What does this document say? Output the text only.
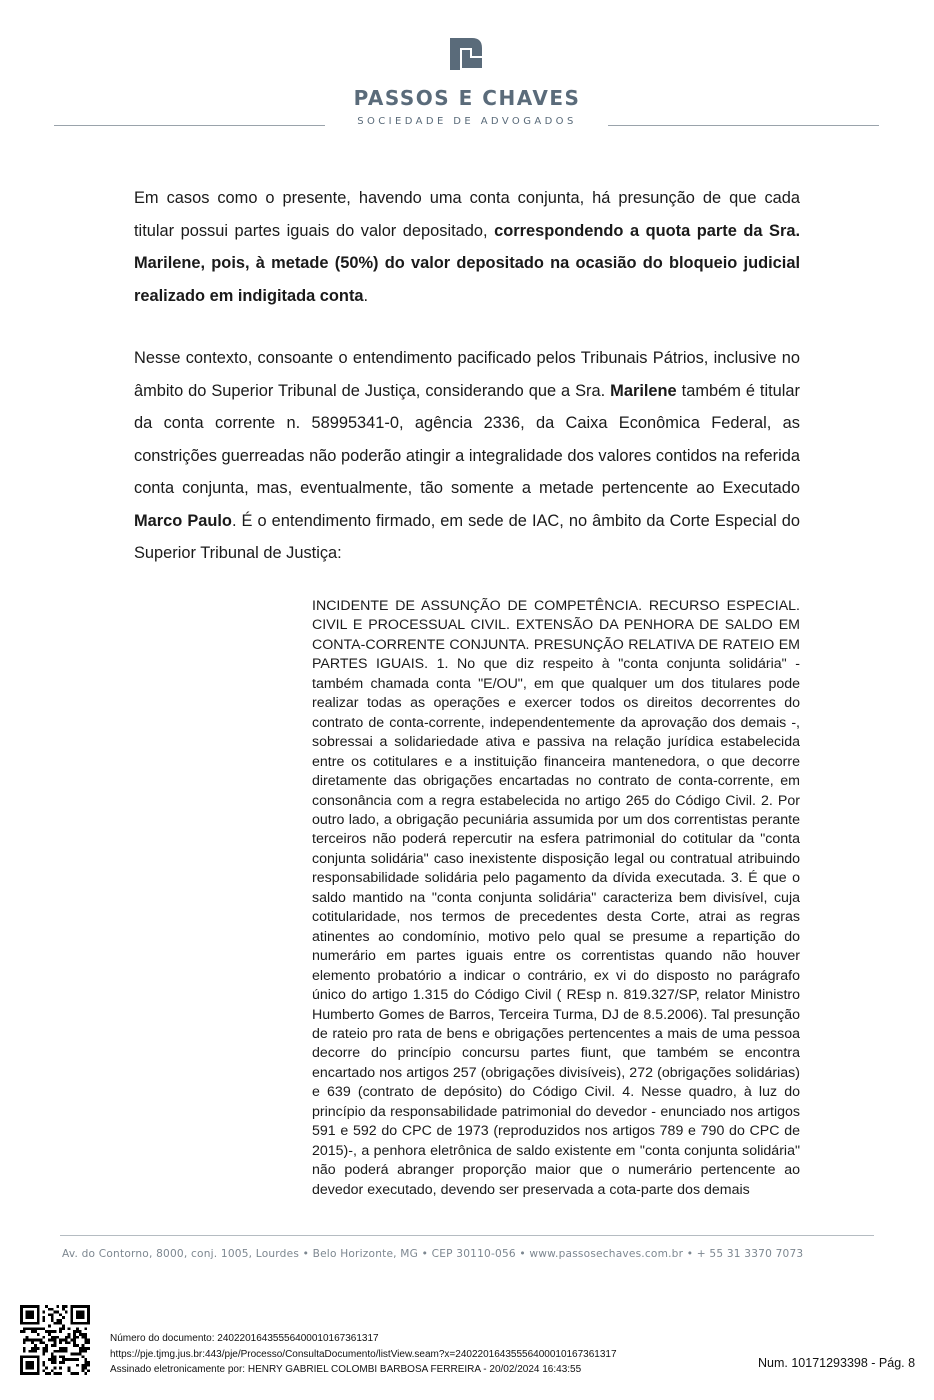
PASSOS E CHAVES
SOCIEDADE DE ADVOGADOS

Em casos como o presente, havendo uma conta conjunta, há presunção de que cada titular possui partes iguais do valor depositado, correspondendo a quota parte da Sra. Marilene, pois, à metade (50%) do valor depositado na ocasião do bloqueio judicial realizado em indigitada conta.

Nesse contexto, consoante o entendimento pacificado pelos Tribunais Pátrios, inclusive no âmbito do Superior Tribunal de Justiça, considerando que a Sra. Marilene também é titular da conta corrente n. 58995341-0, agência 2336, da Caixa Econômica Federal, as constrições guerreadas não poderão atingir a integralidade dos valores contidos na referida conta conjunta, mas, eventualmente, tão somente a metade pertencente ao Executado Marco Paulo. É o entendimento firmado, em sede de IAC, no âmbito da Corte Especial do Superior Tribunal de Justiça:

INCIDENTE DE ASSUNÇÃO DE COMPETÊNCIA. RECURSO ESPECIAL. CIVIL E PROCESSUAL CIVIL. EXTENSÃO DA PENHORA DE SALDO EM CONTA-CORRENTE CONJUNTA. PRESUNÇÃO RELATIVA DE RATEIO EM PARTES IGUAIS. 1. No que diz respeito à "conta conjunta solidária" - também chamada conta "E/OU", em que qualquer um dos titulares pode realizar todas as operações e exercer todos os direitos decorrentes do contrato de conta-corrente, independentemente da aprovação dos demais -, sobressai a solidariedade ativa e passiva na relação jurídica estabelecida entre os cotitulares e a instituição financeira mantenedora, o que decorre diretamente das obrigações encartadas no contrato de conta-corrente, em consonância com a regra estabelecida no artigo 265 do Código Civil. 2. Por outro lado, a obrigação pecuniária assumida por um dos correntistas perante terceiros não poderá repercutir na esfera patrimonial do cotitular da "conta conjunta solidária" caso inexistente disposição legal ou contratual atribuindo responsabilidade solidária pelo pagamento da dívida executada. 3. É que o saldo mantido na "conta conjunta solidária" caracteriza bem divisível, cuja cotitularidade, nos termos de precedentes desta Corte, atrai as regras atinentes ao condomínio, motivo pelo qual se presume a repartição do numerário em partes iguais entre os correntistas quando não houver elemento probatório a indicar o contrário, ex vi do disposto no parágrafo único do artigo 1.315 do Código Civil ( REsp n. 819.327/SP, relator Ministro Humberto Gomes de Barros, Terceira Turma, DJ de 8.5.2006). Tal presunção de rateio pro rata de bens e obrigações pertencentes a mais de uma pessoa decorre do princípio concursu partes fiunt, que também se encontra encartado nos artigos 257 (obrigações divisíveis), 272 (obrigações solidárias) e 639 (contrato de depósito) do Código Civil. 4. Nesse quadro, à luz do princípio da responsabilidade patrimonial do devedor - enunciado nos artigos 591 e 592 do CPC de 1973 (reproduzidos nos artigos 789 e 790 do CPC de 2015)-, a penhora eletrônica de saldo existente em "conta conjunta solidária" não poderá abranger proporção maior que o numerário pertencente ao devedor executado, devendo ser preservada a cota-parte dos demais

Av. do Contorno, 8000, conj. 1005, Lourdes • Belo Horizonte, MG • CEP 30110-056 • www.passosechaves.com.br • + 55 31 3370 7073
Número do documento: 24022016435556400010167361317
https://pje.tjmg.jus.br:443/pje/Processo/ConsultaDocumento/listView.seam?x=24022016435556400010167361317
Assinado eletronicamente por: HENRY GABRIEL COLOMBI BARBOSA FERREIRA - 20/02/2024 16:43:55	Num. 10171293398 - Pág. 8
